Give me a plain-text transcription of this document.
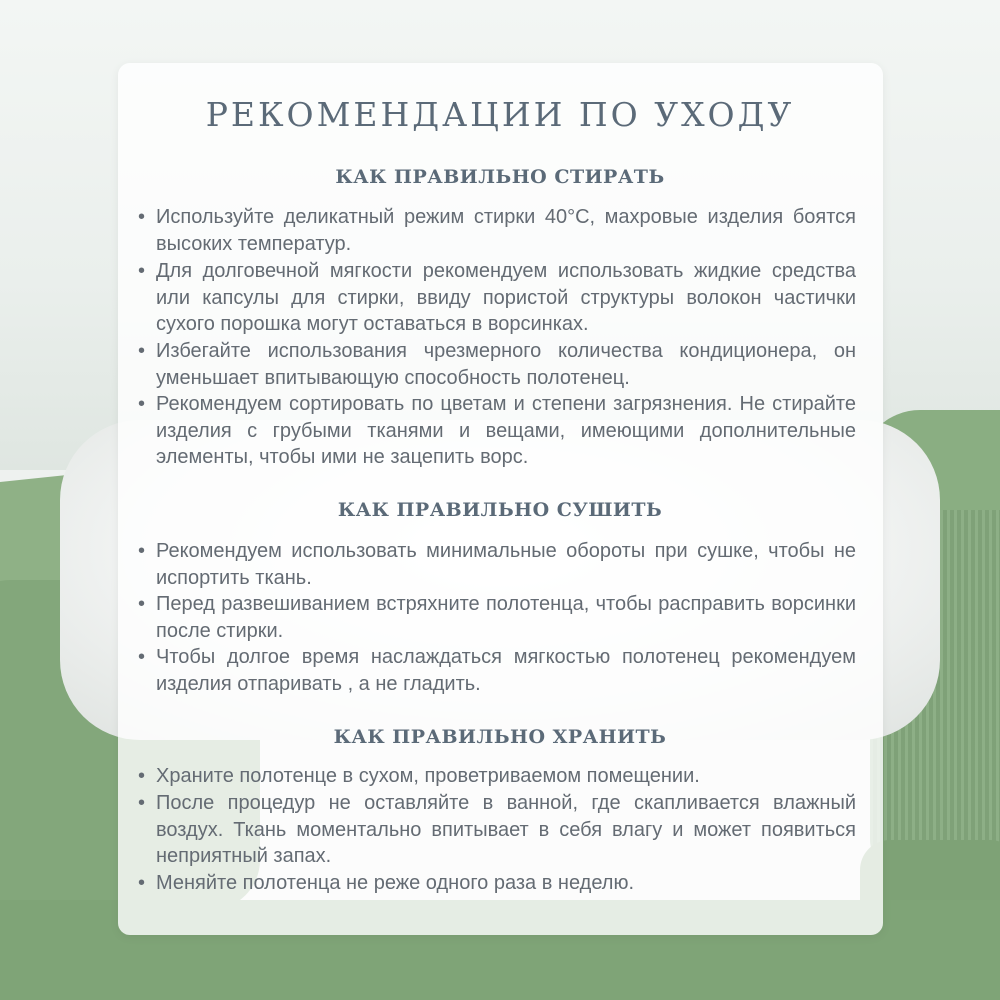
РЕКОМЕНДАЦИИ ПО УХОДУ
КАК ПРАВИЛЬНО СТИРАТЬ
• Используйте деликатный режим стирки 40°С, махровые изделия боятся высоких температур.
• Для долговечной мягкости рекомендуем использовать жидкие средства или капсулы для стирки, ввиду пористой структуры волокон частички сухого порошка могут оставаться в ворсинках.
• Избегайте использования чрезмерного количества кондиционера, он уменьшает впитывающую способность полотенец.
• Рекомендуем сортировать по цветам и степени загрязнения. Не стирайте изделия с грубыми тканями и вещами, имеющими дополнительные элементы, чтобы ими не зацепить ворс.
КАК ПРАВИЛЬНО СУШИТЬ
• Рекомендуем использовать минимальные обороты при сушке, чтобы не испортить ткань.
• Перед развешиванием встряхните полотенца, чтобы расправить ворсинки после стирки.
• Чтобы долгое время наслаждаться мягкостью полотенец рекомендуем изделия отпаривать , а не гладить.
КАК ПРАВИЛЬНО ХРАНИТЬ
• Храните полотенце в сухом, проветриваемом помещении.
• После процедур не оставляйте в ванной, где скапливается влажный воздух. Ткань моментально впитывает в себя влагу и может появиться неприятный запах.
• Меняйте полотенца не реже одного раза в неделю.
